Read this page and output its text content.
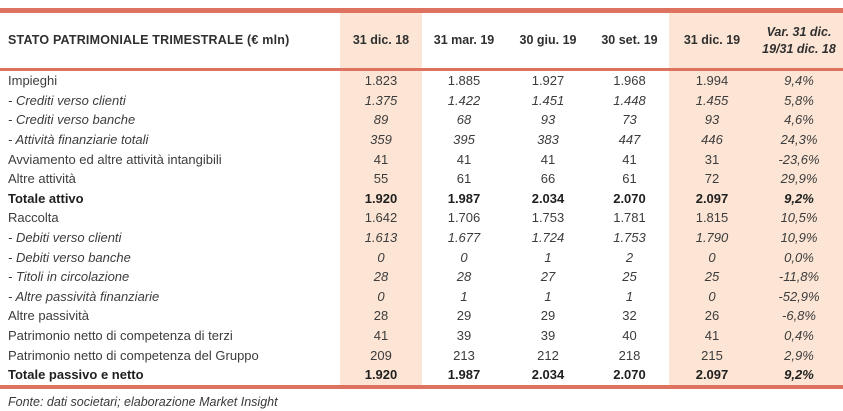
STATO PATRIMONIALE TRIMESTRALE (€ mln)	31 dic. 18	31 mar. 19	30 giu. 19	30 set. 19	31 dic. 19	Var. 31 dic. 19/31 dic. 18
Impieghi	1.823	1.885	1.927	1.968	1.994	9,4%
- Crediti verso clienti	1.375	1.422	1.451	1.448	1.455	5,8%
- Crediti verso banche	89	68	93	73	93	4,6%
- Attività finanziarie totali	359	395	383	447	446	24,3%
Avviamento ed altre attività intangibili	41	41	41	41	31	-23,6%
Altre attività	55	61	66	61	72	29,9%
Totale attivo	1.920	1.987	2.034	2.070	2.097	9,2%
Raccolta	1.642	1.706	1.753	1.781	1.815	10,5%
- Debiti verso clienti	1.613	1.677	1.724	1.753	1.790	10,9%
- Debiti verso banche	0	0	1	2	0	0,0%
- Titoli in circolazione	28	28	27	25	25	-11,8%
- Altre passività finanziarie	0	1	1	1	0	-52,9%
Altre passività	28	29	29	32	26	-6,8%
Patrimonio netto di competenza di terzi	41	39	39	40	41	0,4%
Patrimonio netto di competenza del Gruppo	209	213	212	218	215	2,9%
Totale passivo e netto	1.920	1.987	2.034	2.070	2.097	9,2%
Fonte: dati societari; elaborazione Market Insight
